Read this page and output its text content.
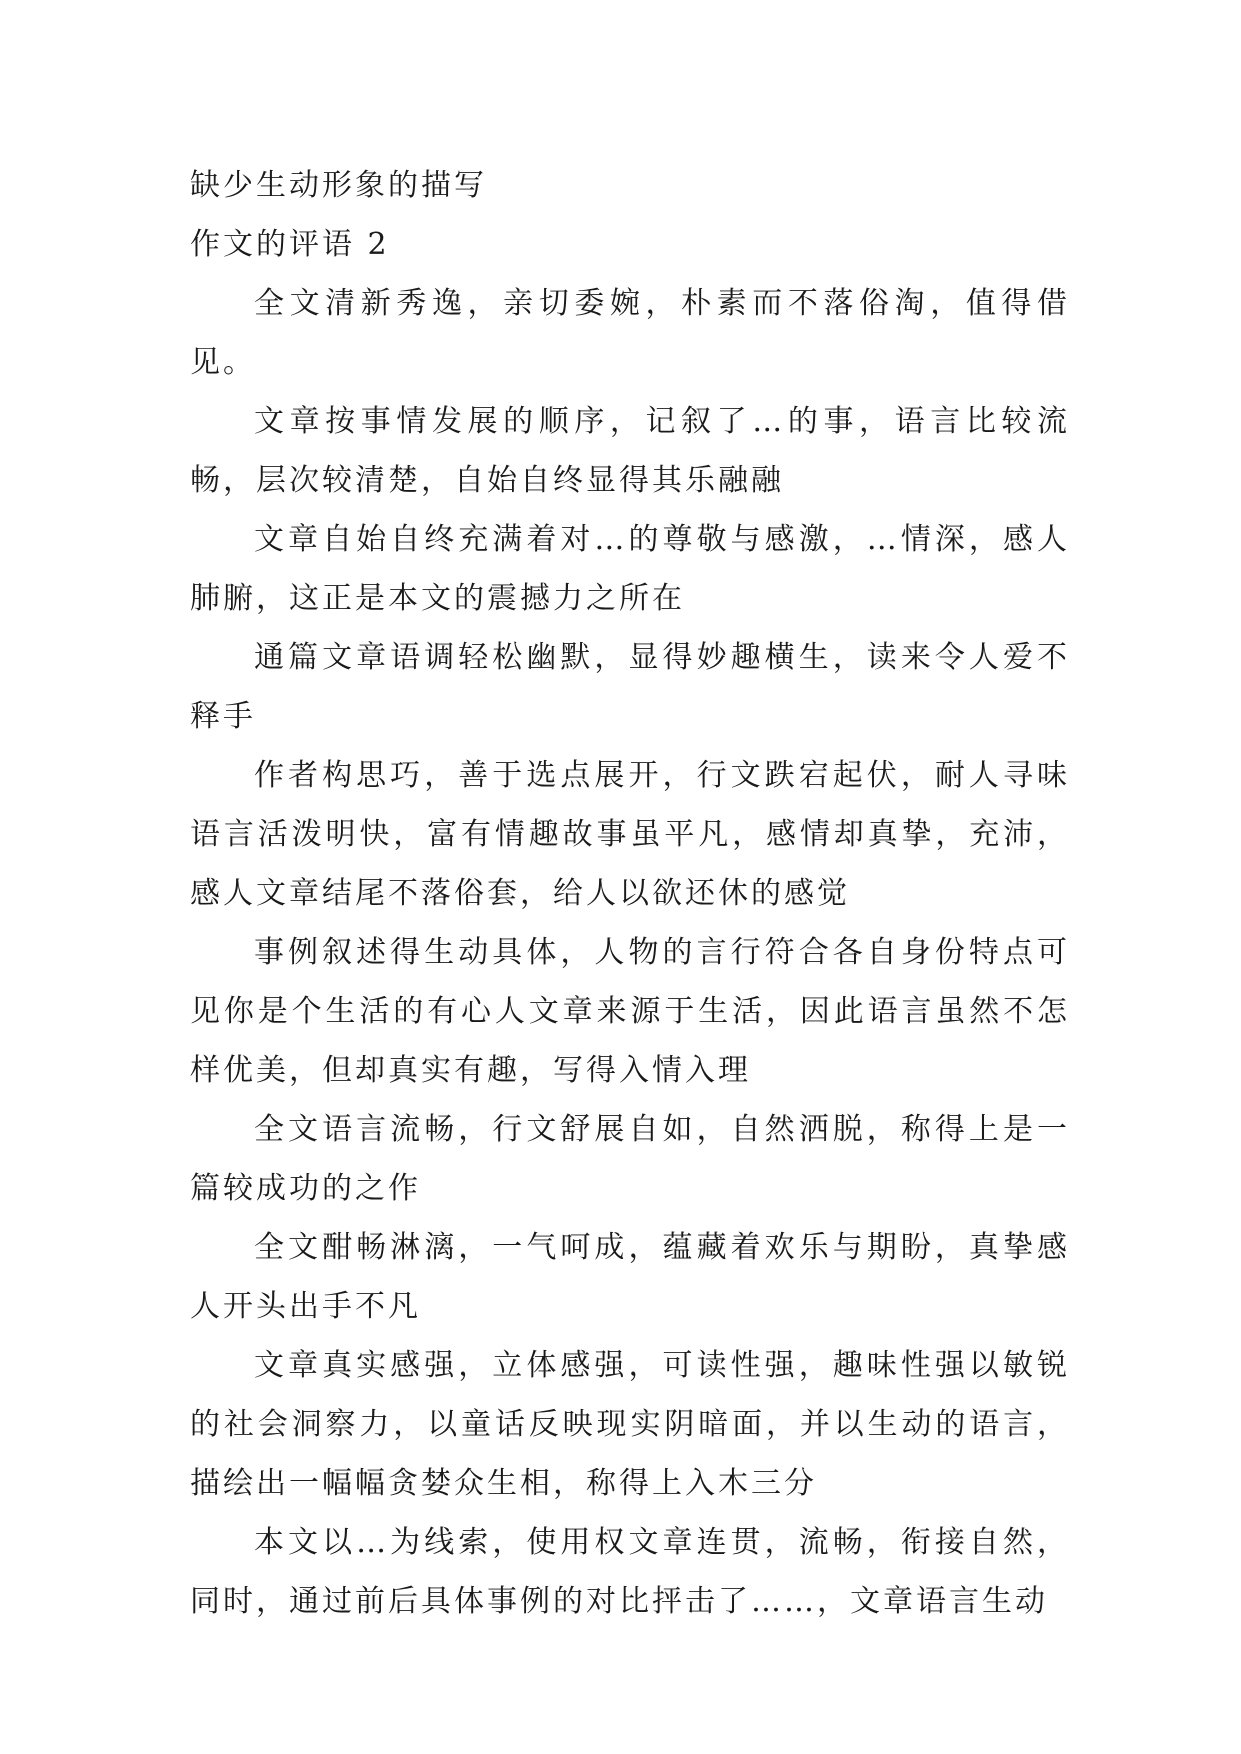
缺少生动形象的描写

作文的评语 2

全文清新秀逸，亲切委婉，朴素而不落俗淘，值得借见。

文章按事情发展的顺序，记叙了…的事，语言比较流畅，层次较清楚，自始自终显得其乐融融

文章自始自终充满着对…的尊敬与感激，…情深，感人肺腑，这正是本文的震撼力之所在

通篇文章语调轻松幽默，显得妙趣横生，读来令人爱不释手

作者构思巧，善于选点展开，行文跌宕起伏，耐人寻味语言活泼明快，富有情趣故事虽平凡，感情却真挚，充沛，感人文章结尾不落俗套，给人以欲还休的感觉

事例叙述得生动具体，人物的言行符合各自身份特点可见你是个生活的有心人文章来源于生活，因此语言虽然不怎样优美，但却真实有趣，写得入情入理

全文语言流畅，行文舒展自如，自然洒脱，称得上是一篇较成功的之作

全文酣畅淋漓，一气呵成，蕴藏着欢乐与期盼，真挚感人开头出手不凡

文章真实感强，立体感强，可读性强，趣味性强以敏锐的社会洞察力，以童话反映现实阴暗面，并以生动的语言，描绘出一幅幅贪婪众生相，称得上入木三分

本文以…为线索，使用权文章连贯，流畅，衔接自然，同时，通过前后具体事例的对比抨击了……，文章语言生动
